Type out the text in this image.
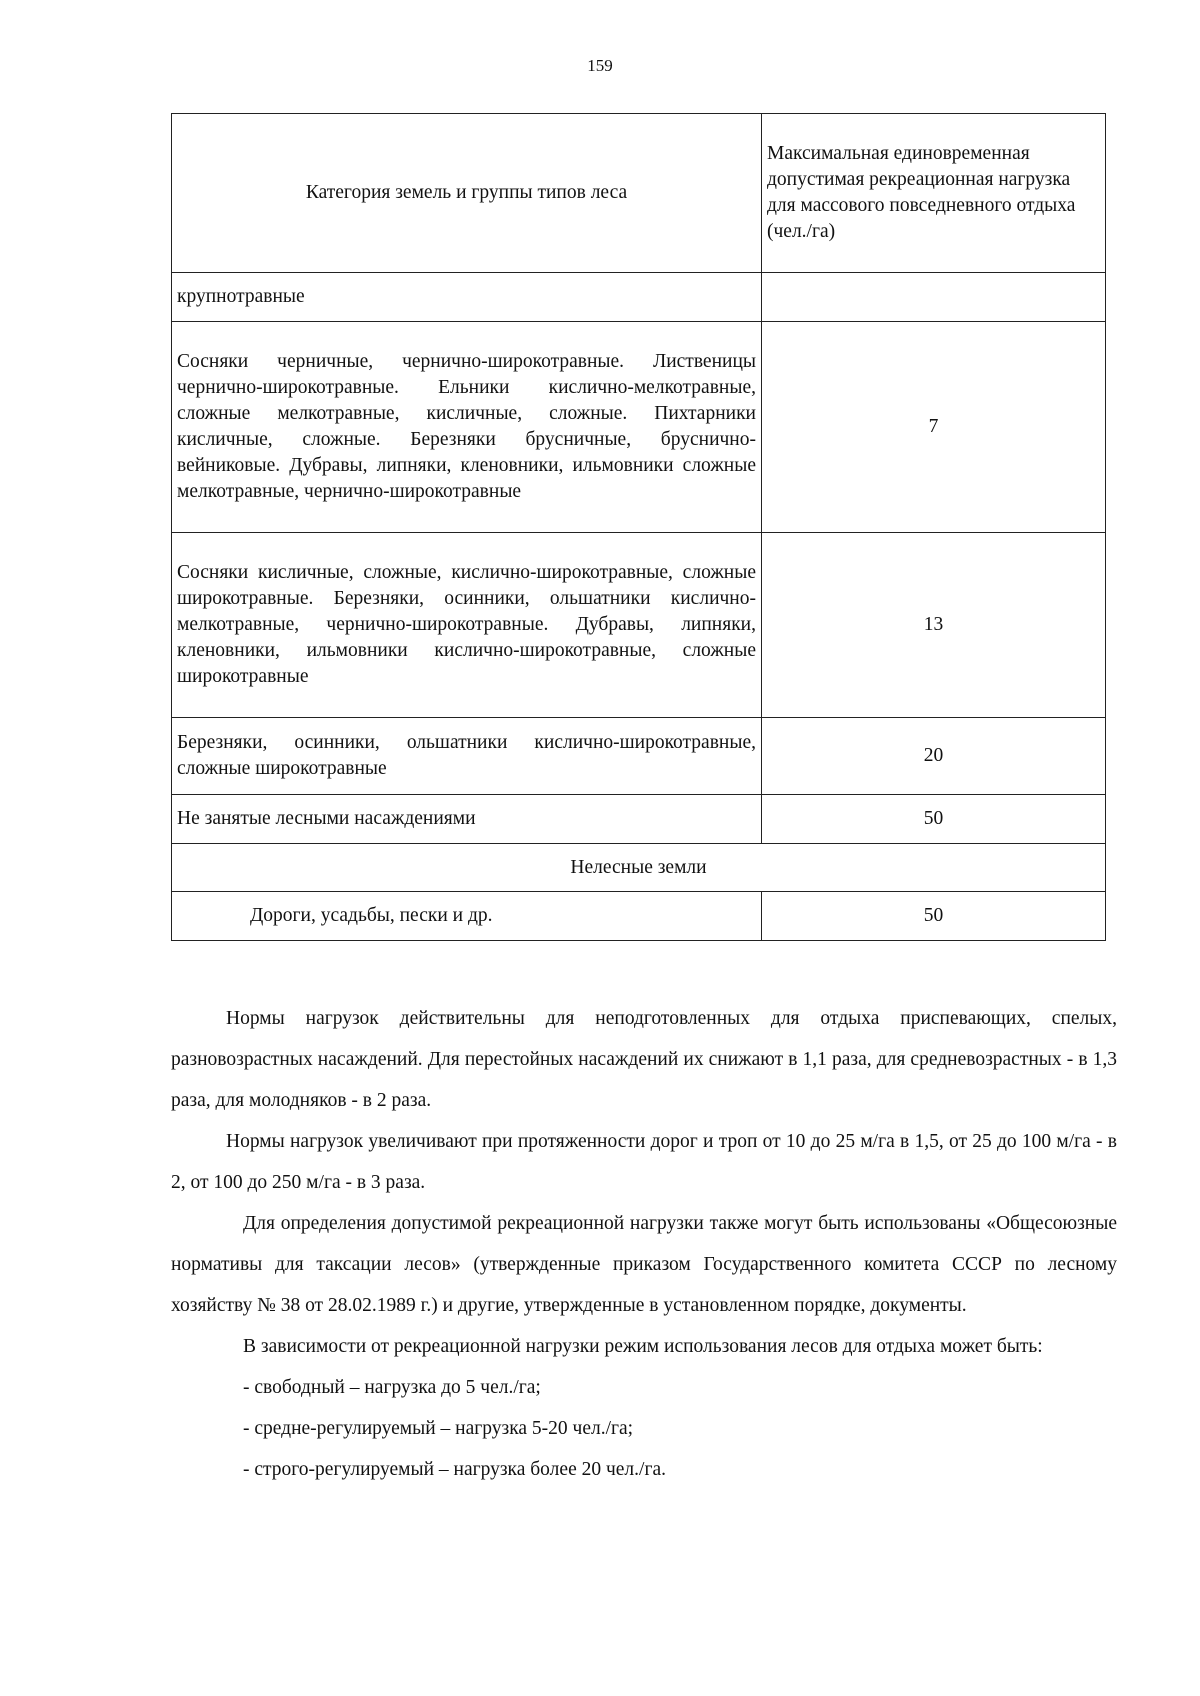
159
Категория земель и группы типов леса	Максимальная единовременная допустимая рекреационная нагрузка для массового повседневного отдыха (чел./га)
крупнотравные	
Сосняки черничные, чернично-широкотравные. Лиственицы чернично-широкотравные. Ельники кислично-мелкотравные, сложные мелкотравные, кисличные, сложные. Пихтарники кисличные, сложные. Березняки брусничные, бруснично-вейниковые. Дубравы, липняки, кленовники, ильмовники сложные мелкотравные, чернично-широкотравные	7
Сосняки кисличные, сложные, кислично-широкотравные, сложные широкотравные. Березняки, осинники, ольшатники кислично-мелкотравные, чернично-широкотравные. Дубравы, липняки, кленовники, ильмовники кислично-широкотравные, сложные широкотравные	13
Березняки, осинники, ольшатники кислично-широкотравные, сложные широкотравные	20
Не занятые лесными насаждениями	50
Нелесные земли	
Дороги, усадьбы, пески и др.	50

Нормы нагрузок действительны для неподготовленных для отдыха приспевающих, спелых, разновозрастных насаждений. Для перестойных насаждений их снижают в 1,1 раза, для средневозрастных - в 1,3 раза, для молодняков - в 2 раза.

Нормы нагрузок увеличивают при протяженности дорог и троп от 10 до 25 м/га в 1,5, от 25 до 100 м/га - в 2, от 100 до 250 м/га - в 3 раза.

Для определения допустимой рекреационной нагрузки также могут быть использованы «Общесоюзные нормативы для таксации лесов» (утвержденные приказом Государственного комитета СССР по лесному хозяйству № 38 от 28.02.1989 г.) и другие, утвержденные в установленном порядке, документы.

В зависимости от рекреационной нагрузки режим использования лесов для отдыха может быть:

- свободный – нагрузка до 5 чел./га;

- средне-регулируемый – нагрузка 5-20 чел./га;

- строго-регулируемый – нагрузка более 20 чел./га.
